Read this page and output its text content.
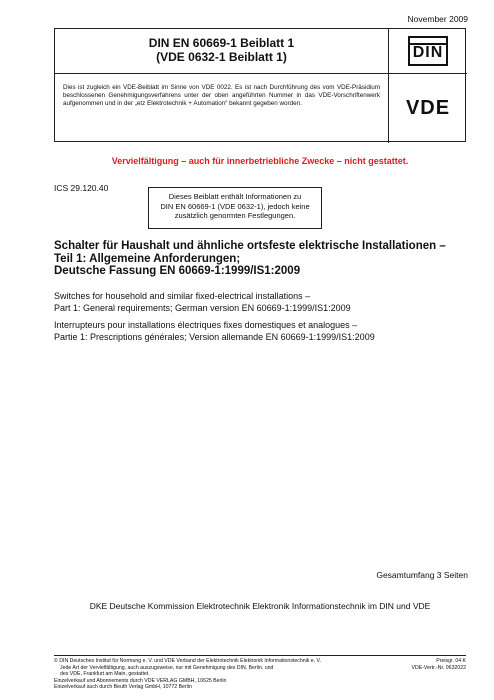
November 2009
DIN EN 60669-1 Beiblatt 1
(VDE 0632-1 Beiblatt 1)	DIN
Dies ist zugleich ein VDE-Beiblatt im Sinne von VDE 0022. Es ist nach Durchführung des vom VDE-Präsidium beschlossenen Genehmigungsverfahrens unter der oben angeführten Nummer in das VDE-Vorschriftenwerk aufgenommen und in der „etz Elektrotechnik + Automation“ bekannt gegeben worden.	VDE
Vervielfältigung – auch für innerbetriebliche Zwecke – nicht gestattet.
ICS 29.120.40
Dieses Beiblatt enthält Informationen zu
DIN EN 60669-1 (VDE 0632-1), jedoch keine
zusätzlich genormten Festlegungen.
Schalter für Haushalt und ähnliche ortsfeste elektrische Installationen –
Teil 1: Allgemeine Anforderungen;
Deutsche Fassung EN 60669-1:1999/IS1:2009
Switches for household and similar fixed-electrical installations –
Part 1: General requirements; German version EN 60669-1:1999/IS1:2009
Interrupteurs pour installations électriques fixes domestiques et analogues –
Partie 1: Prescriptions générales; Version allemande EN 60669-1:1999/IS1:2009
Gesamtumfang 3 Seiten
DKE Deutsche Kommission Elektrotechnik Elektronik Informationstechnik im DIN und VDE
© DIN Deutsches Institut für Normung e. V. und VDE Verband der Elektrotechnik Elektronik Informationstechnik e. V.
Jede Art der Vervielfältigung, auch auszugsweise, nur mit Genehmigung des DIN, Berlin, und
des VDE, Frankfurt am Main, gestattet.
Einzelverkauf und Abonnements durch VDE VERLAG GMBH, 10625 Berlin
Einzelverkauf auch durch Beuth Verlag GmbH, 10772 Berlin
Preisgr. 04 K
VDE-Vertr.-Nr. 0632022
